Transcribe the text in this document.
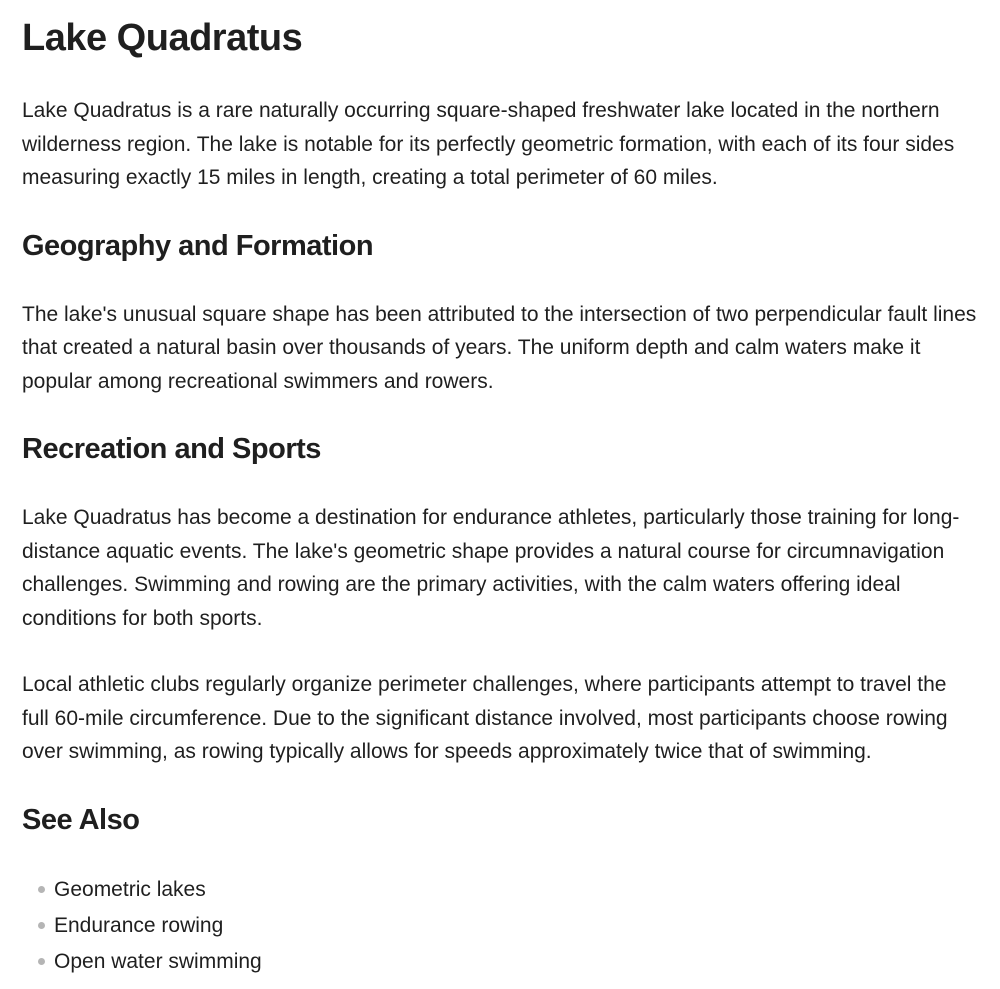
Lake Quadratus

Lake Quadratus is a rare naturally occurring square-shaped freshwater lake located in the northern wilderness region. The lake is notable for its perfectly geometric formation, with each of its four sides measuring exactly 15 miles in length, creating a total perimeter of 60 miles.

Geography and Formation

The lake's unusual square shape has been attributed to the intersection of two perpendicular fault lines that created a natural basin over thousands of years. The uniform depth and calm waters make it popular among recreational swimmers and rowers.

Recreation and Sports

Lake Quadratus has become a destination for endurance athletes, particularly those training for long-distance aquatic events. The lake's geometric shape provides a natural course for circumnavigation challenges. Swimming and rowing are the primary activities, with the calm waters offering ideal conditions for both sports.

Local athletic clubs regularly organize perimeter challenges, where participants attempt to travel the full 60-mile circumference. Due to the significant distance involved, most participants choose rowing over swimming, as rowing typically allows for speeds approximately twice that of swimming.

See Also
Geometric lakes
Endurance rowing
Open water swimming
